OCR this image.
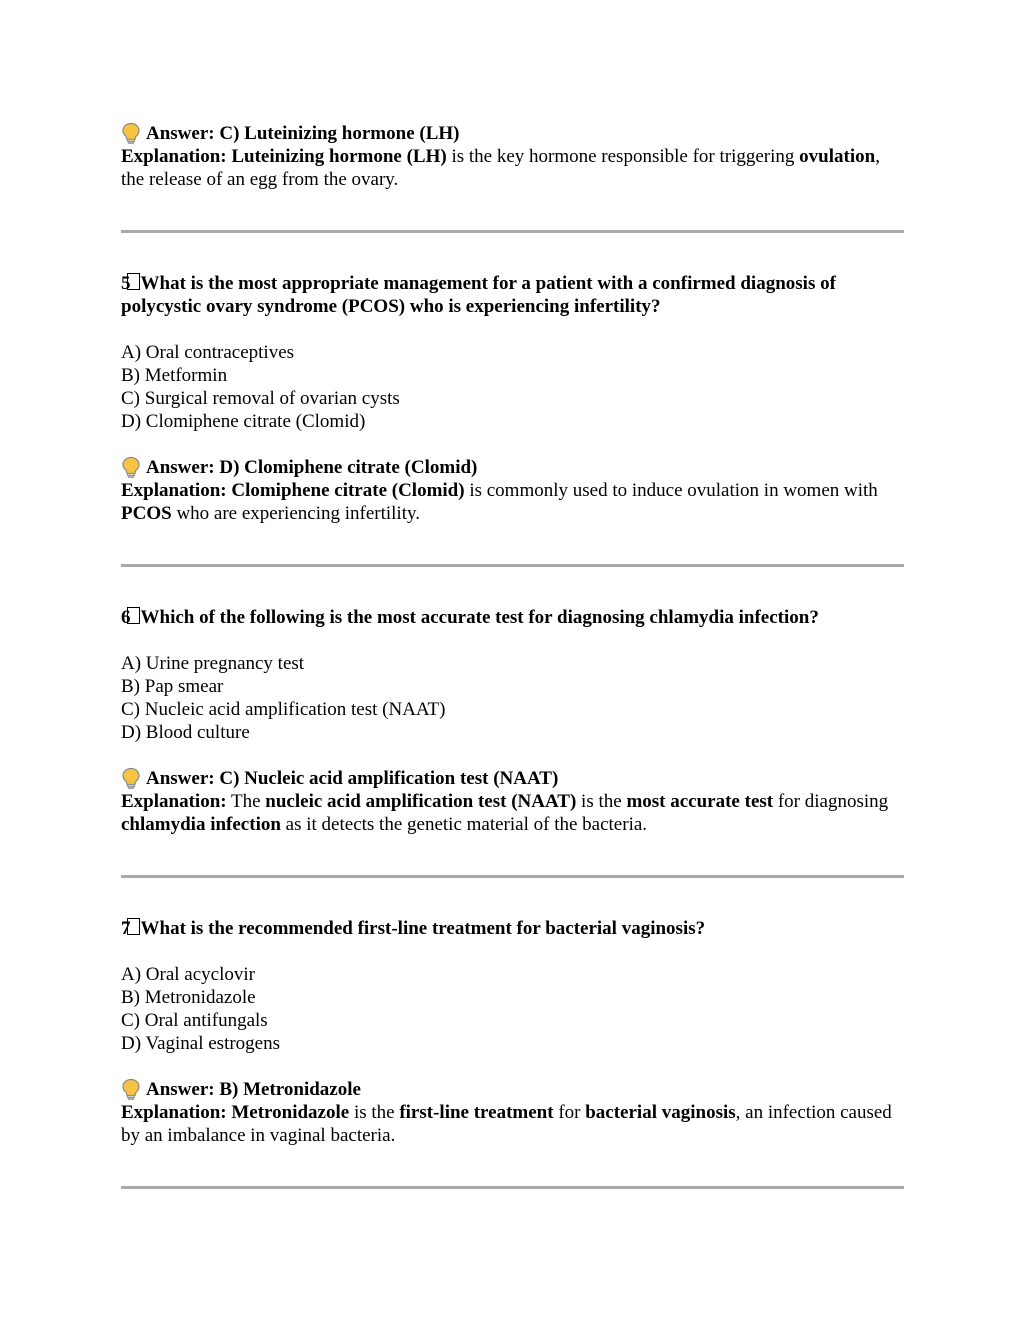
Answer: C) Luteinizing hormone (LH)

Explanation: Luteinizing hormone (LH) is the key hormone responsible for triggering ovulation, the release of an egg from the ovary.

5 What is the most appropriate management for a patient with a confirmed diagnosis of polycystic ovary syndrome (PCOS) who is experiencing infertility?

A) Oral contraceptives
B) Metformin
C) Surgical removal of ovarian cysts
D) Clomiphene citrate (Clomid)
Answer: D) Clomiphene citrate (Clomid)

Explanation: Clomiphene citrate (Clomid) is commonly used to induce ovulation in women with PCOS who are experiencing infertility.

6 Which of the following is the most accurate test for diagnosing chlamydia infection?

A) Urine pregnancy test
B) Pap smear
C) Nucleic acid amplification test (NAAT)
D) Blood culture
Answer: C) Nucleic acid amplification test (NAAT)

Explanation: The nucleic acid amplification test (NAAT) is the most accurate test for diagnosing chlamydia infection as it detects the genetic material of the bacteria.

7 What is the recommended first-line treatment for bacterial vaginosis?

A) Oral acyclovir
B) Metronidazole
C) Oral antifungals
D) Vaginal estrogens
Answer: B) Metronidazole

Explanation: Metronidazole is the first-line treatment for bacterial vaginosis, an infection caused by an imbalance in vaginal bacteria.
